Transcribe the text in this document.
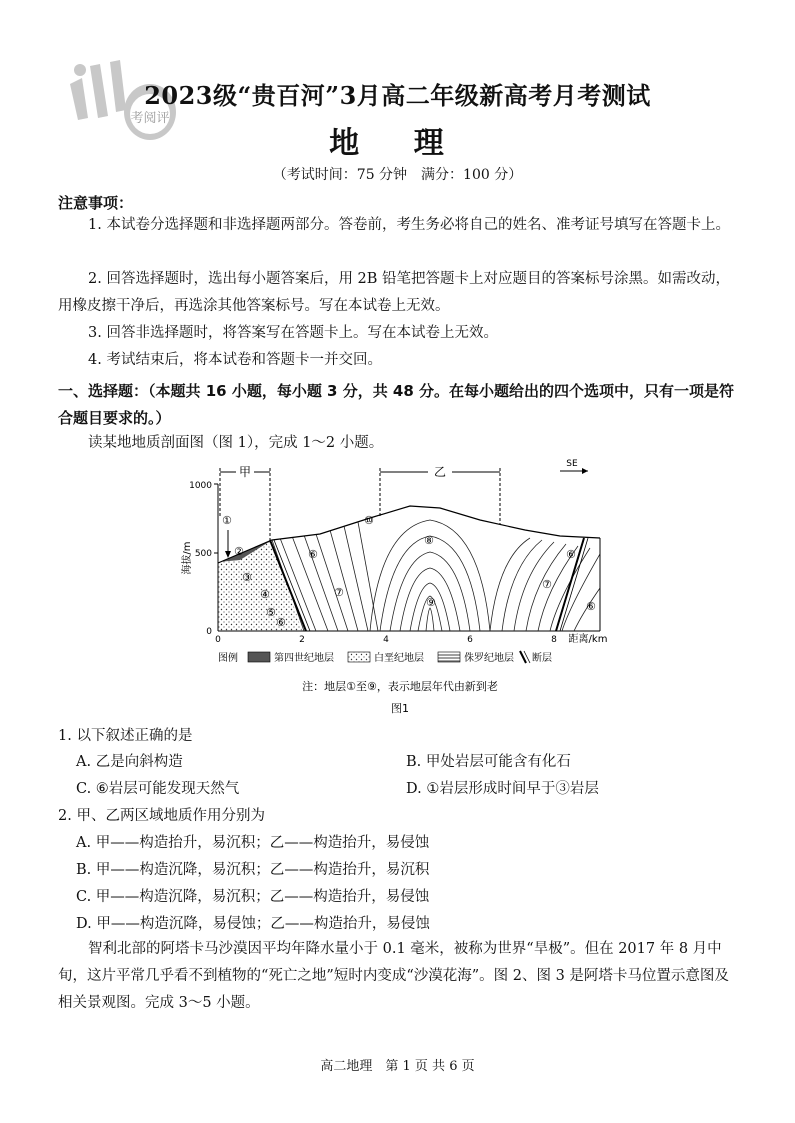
考阅评
2023级“贵百河”3月高二年级新高考月考测试
地 理
（考试时间：75 分钟　满分：100 分）
注意事项：
1. 本试卷分选择题和非选择题两部分。答卷前，考生务必将自己的姓名、准考证号填写在答题卡上。
2. 回答选择题时，选出每小题答案后，用 2B 铅笔把答题卡上对应题目的答案标号涂黑。如需改动，用橡皮擦干净后，再选涂其他答案标号。写在本试卷上无效。
3. 回答非选择题时，将答案写在答题卡上。写在本试卷上无效。
4. 考试结束后，将本试卷和答题卡一并交回。
一、选择题：（本题共 16 小题，每小题 3 分，共 48 分。在每小题给出的四个选项中，只有一项是符合题目要求的。）
读某地地质剖面图（图 1），完成 1～2 小题。
1000
500
0
海拔/m
0	2	4	6	8 距离/km
甲	乙
SE
①
②
③
④
⑤
⑥
⑥
⑦
⑧
⑨
⑩
⑥
⑦
⑥
图例	第四世纪地层	白垩纪地层	侏罗纪地层 断层
注：地层①至⑨，表示地层年代由新到老
图1
1. 以下叙述正确的是
A. 乙是向斜构造	B. 甲处岩层可能含有化石
C. ⑥岩层可能发现天然气	D. ①岩层形成时间早于③岩层
2. 甲、乙两区域地质作用分别为
A. 甲——构造抬升，易沉积；乙——构造抬升，易侵蚀
B. 甲——构造沉降，易沉积；乙——构造抬升，易沉积
C. 甲——构造沉降，易沉积；乙——构造抬升，易侵蚀
D. 甲——构造沉降，易侵蚀；乙——构造抬升，易侵蚀
智利北部的阿塔卡马沙漠因平均年降水量小于 0.1 毫米，被称为世界“旱极”。但在 2017 年 8 月中旬，这片平常几乎看不到植物的“死亡之地”短时内变成“沙漠花海”。图 2、图 3 是阿塔卡马位置示意图及相关景观图。完成 3～5 小题。
高二地理　第 1 页 共 6 页
